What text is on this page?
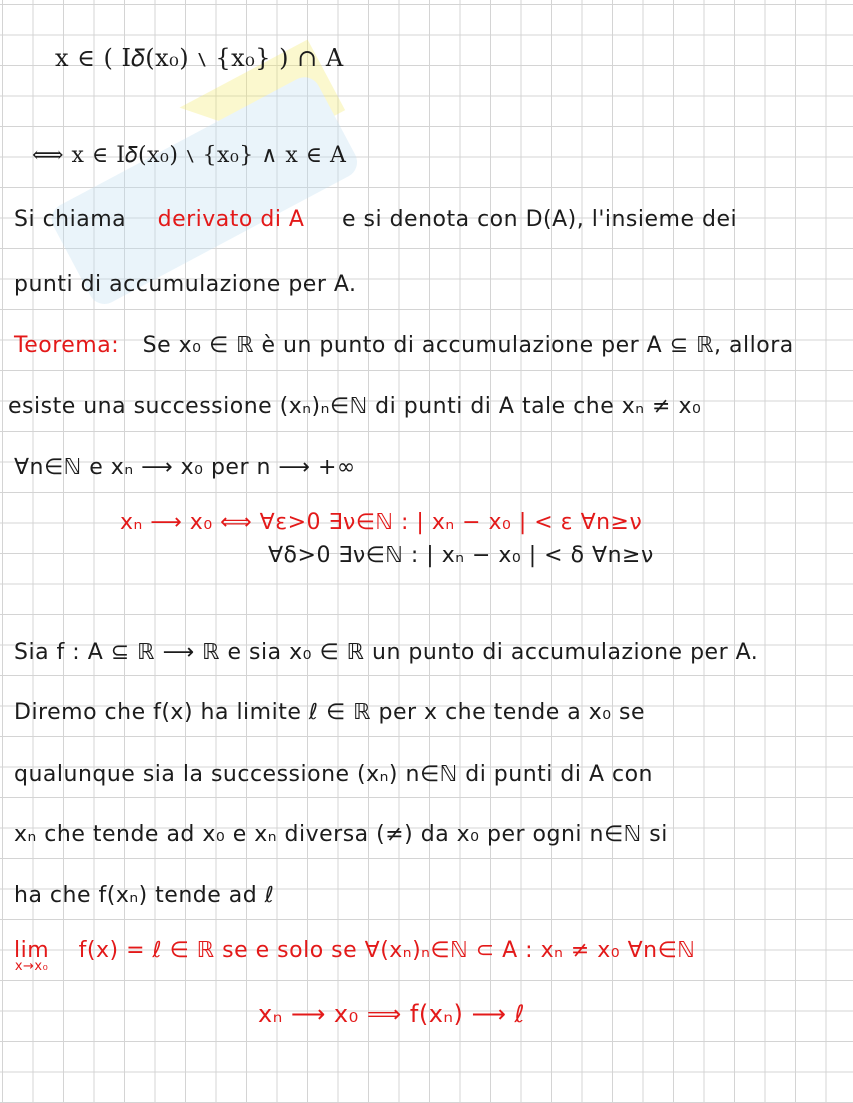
x ∈ ( I𝛿(x₀) ∖ {x₀} ) ∩ A
⟺ x ∈ I𝛿(x₀) ∖ {x₀} ∧ x ∈ A
Si chiama derivato di A e si denota con D(A), l'insieme dei
punti di accumulazione per A.
Teorema: Se x₀ ∈ ℝ è un punto di accumulazione per A ⊆ ℝ, allora
esiste una successione (xₙ)ₙ∈ℕ di punti di A tale che xₙ ≠ x₀
∀n∈ℕ e xₙ ⟶ x₀ per n ⟶ +∞
xₙ ⟶ x₀ ⟺ ∀ε>0 ∃ν∈ℕ : | xₙ − x₀ | < ε ∀n≥ν
∀δ>0 ∃ν∈ℕ : | xₙ − x₀ | < δ ∀n≥ν
Sia f : A ⊆ ℝ ⟶ ℝ e sia x₀ ∈ ℝ un punto di accumulazione per A.
Diremo che f(x) ha limite ℓ ∈ ℝ per x che tende a x₀ se
qualunque sia la successione (xₙ) n∈ℕ di punti di A con
xₙ che tende ad x₀ e xₙ diversa (≠) da x₀ per ogni n∈ℕ si
ha che f(xₙ) tende ad ℓ
lim
x→x₀
f(x) = ℓ ∈ ℝ se e solo se ∀(xₙ)ₙ∈ℕ ⊂ A : xₙ ≠ x₀ ∀n∈ℕ
xₙ ⟶ x₀ ⟹ f(xₙ) ⟶ ℓ
